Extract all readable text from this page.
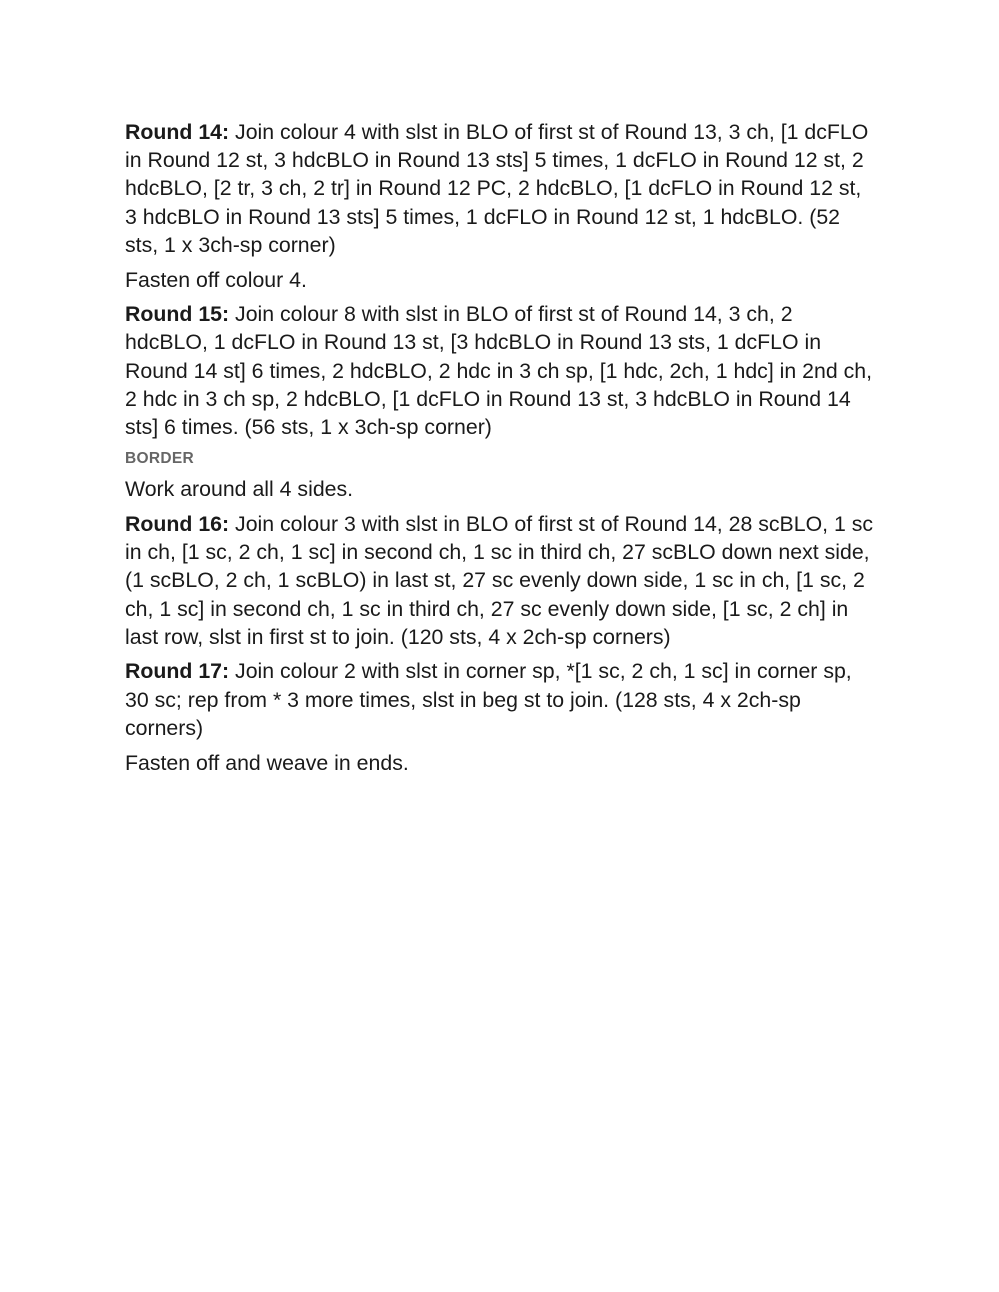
Round 14: Join colour 4 with slst in BLO of first st of Round 13, 3 ch, [1 dcFLO in Round 12 st, 3 hdcBLO in Round 13 sts] 5 times, 1 dcFLO in Round 12 st, 2 hdcBLO, [2 tr, 3 ch, 2 tr] in Round 12 PC, 2 hdcBLO, [1 dcFLO in Round 12 st, 3 hdcBLO in Round 13 sts] 5 times, 1 dcFLO in Round 12 st, 1 hdcBLO. (52 sts, 1 x 3ch-sp corner)

Fasten off colour 4.

Round 15: Join colour 8 with slst in BLO of first st of Round 14, 3 ch, 2 hdcBLO, 1 dcFLO in Round 13 st, [3 hdcBLO in Round 13 sts, 1 dcFLO in Round 14 st] 6 times, 2 hdcBLO, 2 hdc in 3 ch sp, [1 hdc, 2ch, 1 hdc] in 2nd ch, 2 hdc in 3 ch sp, 2 hdcBLO, [1 dcFLO in Round 13 st, 3 hdcBLO in Round 14 sts] 6 times. (56 sts, 1 x 3ch-sp corner)

BORDER

Work around all 4 sides.

Round 16: Join colour 3 with slst in BLO of first st of Round 14, 28 scBLO, 1 sc in ch, [1 sc, 2 ch, 1 sc] in second ch, 1 sc in third ch, 27 scBLO down next side, (1 scBLO, 2 ch, 1 scBLO) in last st, 27 sc evenly down side, 1 sc in ch, [1 sc, 2 ch, 1 sc] in second ch, 1 sc in third ch, 27 sc evenly down side, [1 sc, 2 ch] in last row, slst in first st to join. (120 sts, 4 x 2ch-sp corners)

Round 17: Join colour 2 with slst in corner sp, *[1 sc, 2 ch, 1 sc] in corner sp, 30 sc; rep from * 3 more times, slst in beg st to join. (128 sts, 4 x 2ch-sp corners)

Fasten off and weave in ends.
